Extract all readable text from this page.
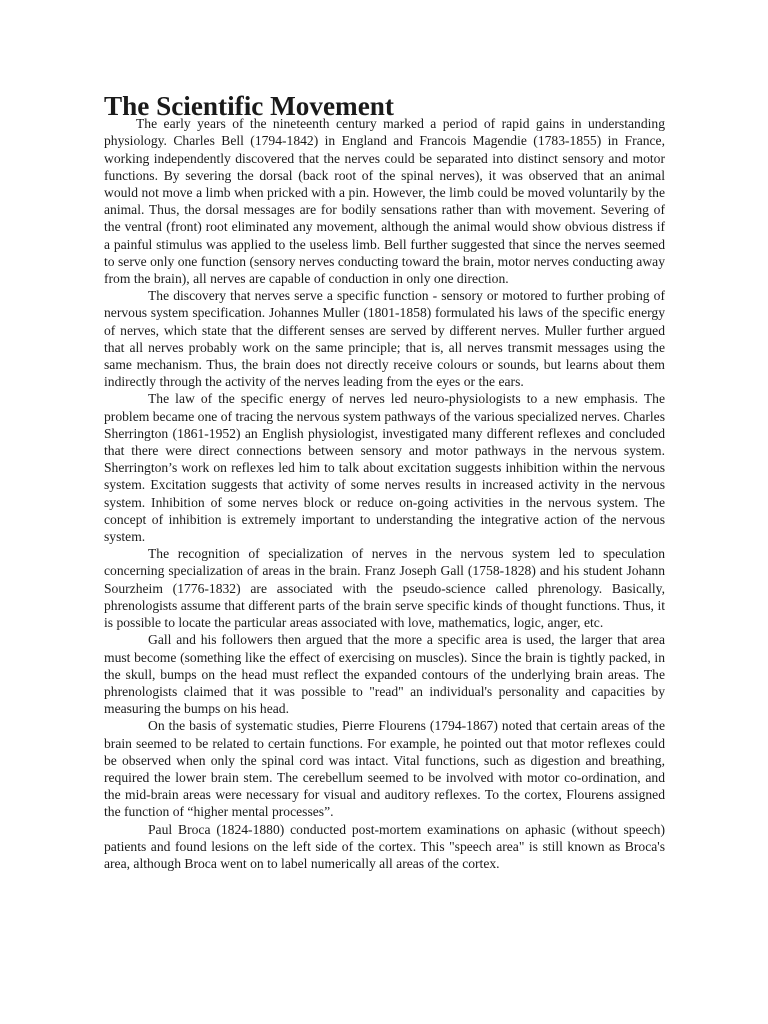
The Scientific Movement

The early years of the nineteenth century marked a period of rapid gains in understanding physiology. Charles Bell (1794-1842) in England and Francois Magendie (1783-1855) in France, working independently discovered that the nerves could be separated into distinct sensory and motor functions. By severing the dorsal (back root of the spinal nerves), it was observed that an animal would not move a limb when pricked with a pin. However, the limb could be moved voluntarily by the animal. Thus, the dorsal messages are for bodily sensations rather than with movement. Severing of the ventral (front) root eliminated any movement, although the animal would show obvious distress if a painful stimulus was applied to the useless limb. Bell further suggested that since the nerves seemed to serve only one function (sensory nerves conducting toward the brain, motor nerves conducting away from the brain), all nerves are capable of conduction in only one direction.

The discovery that nerves serve a specific function - sensory or motored to further probing of nervous system specification. Johannes Muller (1801-1858) formulated his laws of the specific energy of nerves, which state that the different senses are served by different nerves. Muller further argued that all nerves probably work on the same principle; that is, all nerves transmit messages using the same mechanism. Thus, the brain does not directly receive colours or sounds, but learns about them indirectly through the activity of the nerves leading from the eyes or the ears.

The law of the specific energy of nerves led neuro-physiologists to a new emphasis. The problem became one of tracing the nervous system pathways of the various specialized nerves. Charles Sherrington (1861-1952) an English physiologist, investigated many different reflexes and concluded that there were direct connections between sensory and motor pathways in the nervous system. Sherrington’s work on reflexes led him to talk about excitation suggests inhibition within the nervous system. Excitation suggests that activity of some nerves results in increased activity in the nervous system. Inhibition of some nerves block or reduce on-going activities in the nervous system. The concept of inhibition is extremely important to understanding the integrative action of the nervous system.

The recognition of specialization of nerves in the nervous system led to speculation concerning specialization of areas in the brain. Franz Joseph Gall (1758-1828) and his student Johann Sourzheim (1776-1832) are associated with the pseudo-science called phrenology. Basically, phrenologists assume that different parts of the brain serve specific kinds of thought functions. Thus, it is possible to locate the particular areas associated with love, mathematics, logic, anger, etc.

Gall and his followers then argued that the more a specific area is used, the larger that area must become (something like the effect of exercising on muscles). Since the brain is tightly packed, in the skull, bumps on the head must reflect the expanded contours of the underlying brain areas. The phrenologists claimed that it was possible to "read" an individual's personality and capacities by measuring the bumps on his head.

On the basis of systematic studies, Pierre Flourens (1794-1867) noted that certain areas of the brain seemed to be related to certain functions. For example, he pointed out that motor reflexes could be observed when only the spinal cord was intact. Vital functions, such as digestion and breathing, required the lower brain stem. The cerebellum seemed to be involved with motor co-ordination, and the mid-brain areas were necessary for visual and auditory reflexes. To the cortex, Flourens assigned the function of “higher mental processes”.

Paul Broca (1824-1880) conducted post-mortem examinations on aphasic (without speech) patients and found lesions on the left side of the cortex. This "speech area" is still known as Broca's area, although Broca went on to label numerically all areas of the cortex.
